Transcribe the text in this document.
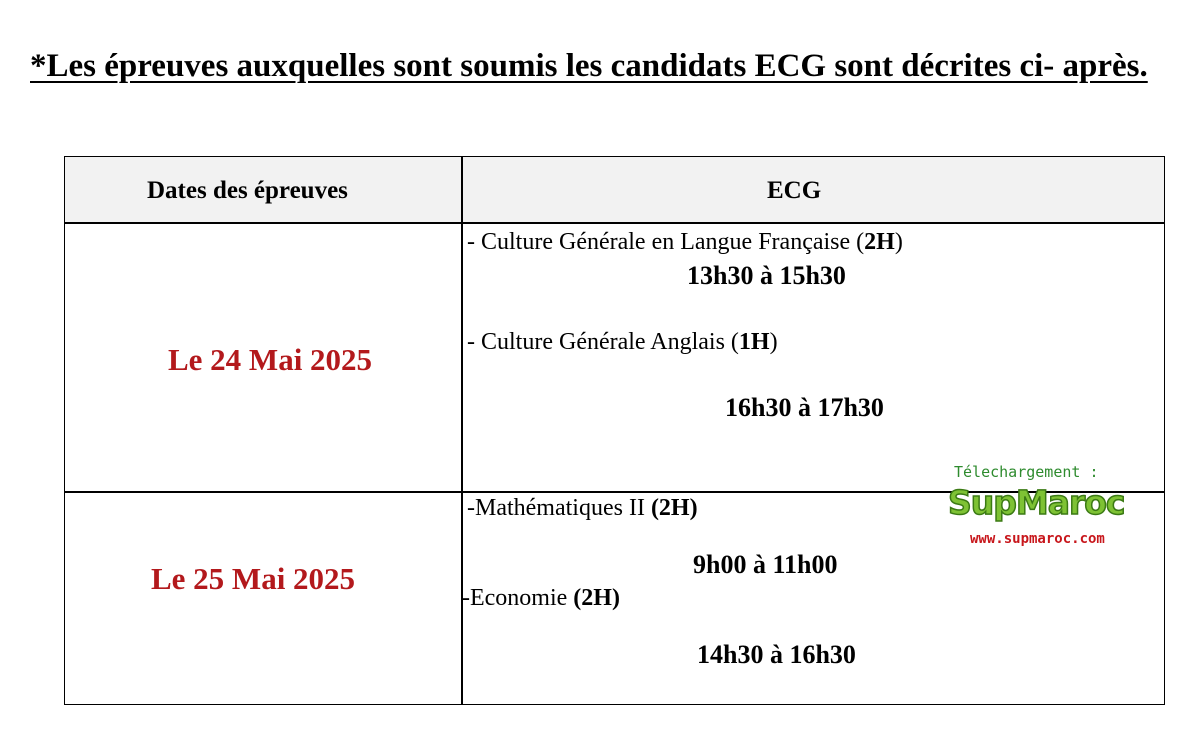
*Les épreuves auxquelles sont soumis les candidats ECG sont décrites ci- après.
Dates des épreuves	ECG
Le 24 Mai 2025
- Culture Générale en Langue Française (2H)
13h30 à 15h30
- Culture Générale Anglais (1H)
16h30 à 17h30
Le 25 Mai 2025
-Mathématiques II (2H)
9h00 à 11h00
-Economie (2H)
14h30 à 16h30
Télechargement :
SupMaroc
www.supmaroc.com
